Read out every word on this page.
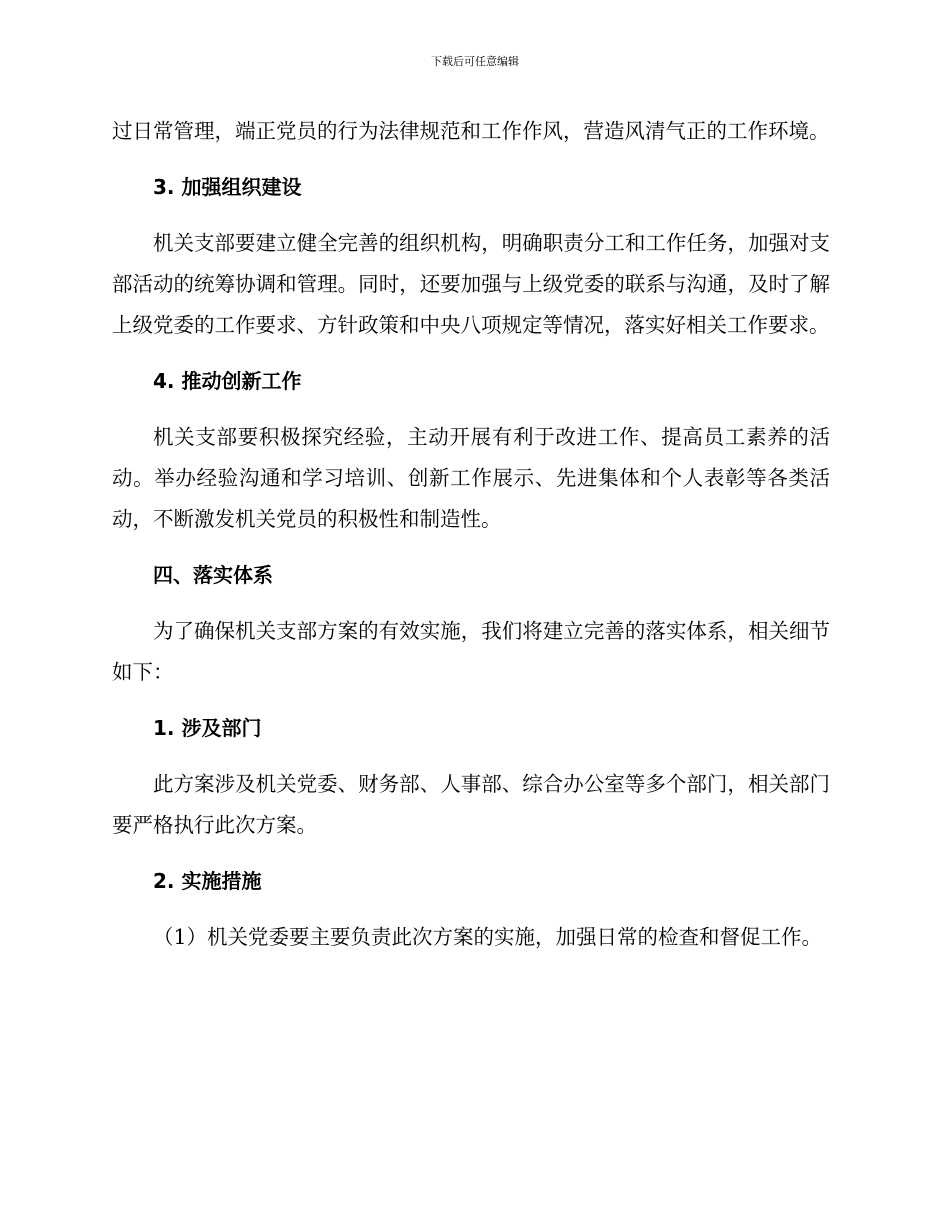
下载后可任意编辑

过日常管理，端正党员的行为法律规范和工作作风，营造风清气正的工作环境。

3. 加强组织建设

机关支部要建立健全完善的组织机构，明确职责分工和工作任务，加强对支部活动的统筹协调和管理。同时，还要加强与上级党委的联系与沟通，及时了解上级党委的工作要求、方针政策和中央八项规定等情况，落实好相关工作要求。

4. 推动创新工作

机关支部要积极探究经验，主动开展有利于改进工作、提高员工素养的活动。举办经验沟通和学习培训、创新工作展示、先进集体和个人表彰等各类活动，不断激发机关党员的积极性和制造性。

四、落实体系

为了确保机关支部方案的有效实施，我们将建立完善的落实体系，相关细节如下：

1. 涉及部门

此方案涉及机关党委、财务部、人事部、综合办公室等多个部门，相关部门要严格执行此次方案。

2. 实施措施

（1）机关党委要主要负责此次方案的实施，加强日常的检查和督促工作。
